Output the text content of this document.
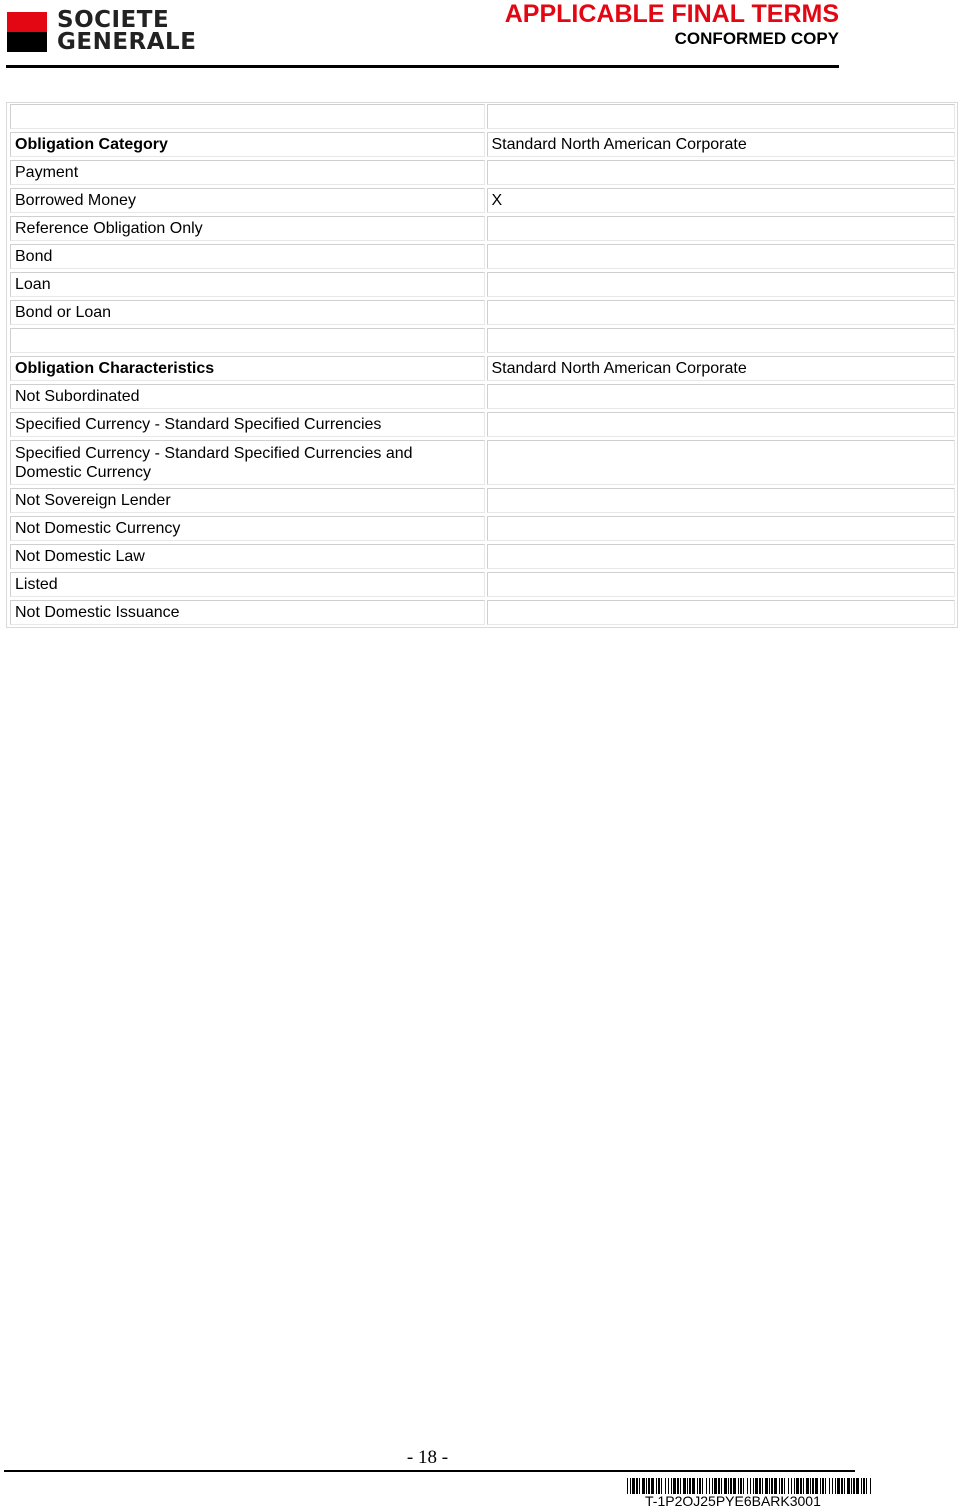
SOCIETE
GENERALE
APPLICABLE FINAL TERMS
CONFORMED COPY
Obligation Category	Standard North American Corporate
Payment
Borrowed Money	X
Reference Obligation Only
Bond
Loan
Bond or Loan
Obligation Characteristics	Standard North American Corporate
Not Subordinated
Specified Currency - Standard Specified Currencies
Specified Currency - Standard Specified Currencies and Domestic Currency
Not Sovereign Lender
Not Domestic Currency
Not Domestic Law
Listed
Not Domestic Issuance
- 18 -
T-1P2OJ25PYE6BARK3001
